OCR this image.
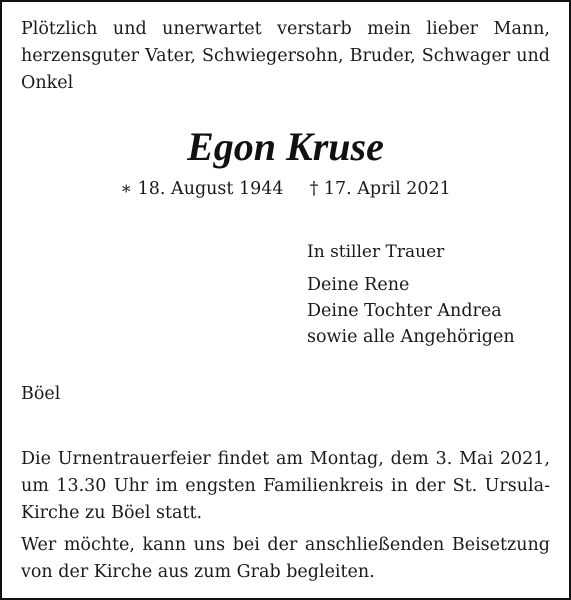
Plötzlich und unerwartet verstarb mein lieber Mann, herzensguter Vater, Schwiegersohn, Bruder, Schwager und Onkel

Egon Kruse

∗ 18. August 1944 † 17. April 2021

In stiller Trauer

Deine Rene
Deine Tochter Andrea
sowie alle Angehörigen

Böel

Die Urnentrauerfeier findet am Montag, dem 3. Mai 2021, um 13.30 Uhr im engsten Familienkreis in der St. Ursula-Kirche zu Böel statt.

Wer möchte, kann uns bei der anschließenden Beisetzung von der Kirche aus zum Grab begleiten.
